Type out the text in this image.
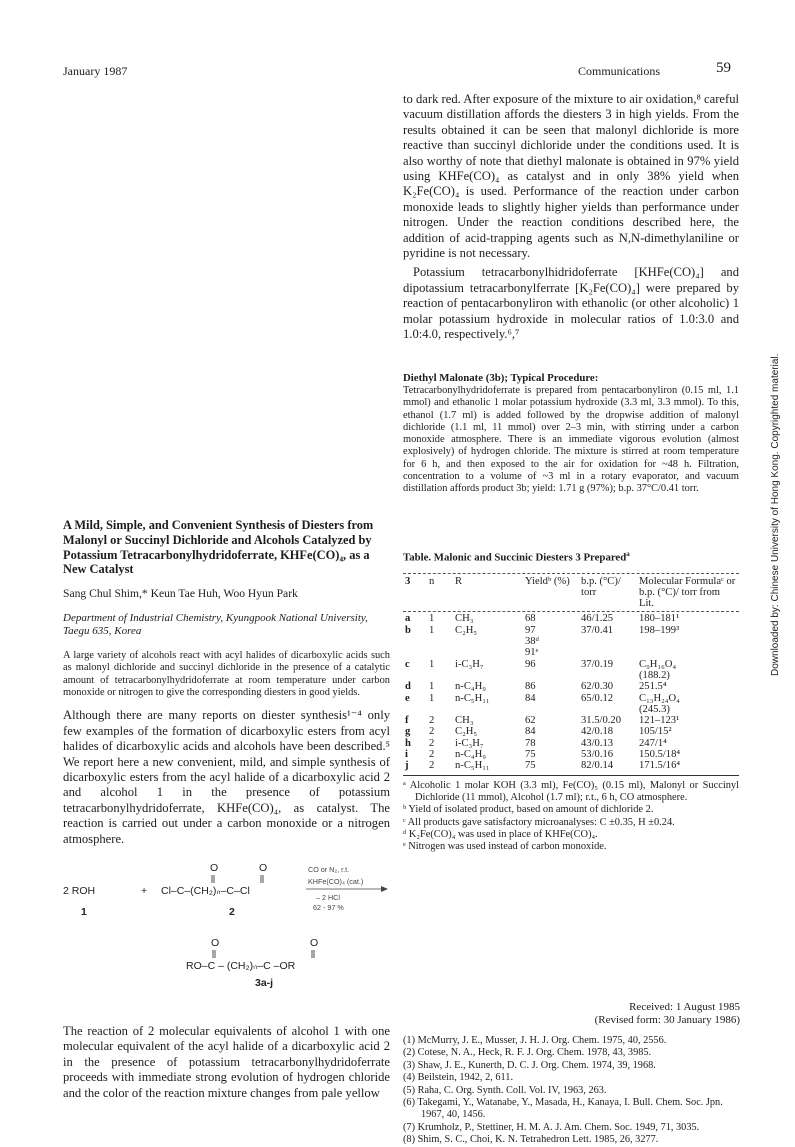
January 1987	Communications	59

to dark red. After exposure of the mixture to air oxidation,⁸ careful vacuum distillation affords the diesters 3 in high yields. From the results obtained it can be seen that malonyl dichloride is more reactive than succinyl dichloride under the conditions used. It is also worthy of note that diethyl malonate is obtained in 97% yield using KHFe(CO)₄ as catalyst and in only 38% yield when K₂Fe(CO)₄ is used. Performance of the reaction under carbon monoxide leads to slightly higher yields than performance under nitrogen. Under the reaction conditions described here, the addition of acid-trapping agents such as N,N-dimethylaniline or pyridine is not necessary.

Potassium tetracarbonylhidridoferrate [KHFe(CO)₄] and dipotassium tetracarbonylferrate [K₂Fe(CO)₄] were prepared by reaction of pentacarbonyliron with ethanolic (or other alcoholic) 1 molar potassium hydroxide in molecular ratios of 1.0:3.0 and 1.0:4.0, respectively.⁶,⁷

Diethyl Malonate (3b); Typical Procedure:
Tetracarbonylhydridoferrate is prepared from pentacarbonyliron (0.15 ml, 1.1 mmol) and ethanolic 1 molar potassium hydroxide (3.3 ml, 3.3 mmol). To this, ethanol (1.7 ml) is added followed by the dropwise addition of malonyl dichloride (1.1 ml, 11 mmol) over 2–3 min, with stirring under a carbon monoxide atmosphere. There is an immediate vigorous evolution (almost explosively) of hydrogen chloride. The mixture is stirred at room temperature for 6 h, and then exposed to the air for oxidation for ~48 h. Filtration, concentration to a volume of ~3 ml in a rotary evaporator, and vacuum distillation affords product 3b; yield: 1.71 g (97%); b.p. 37°C/0.41 torr.
A Mild, Simple, and Convenient Synthesis of Diesters from Malonyl or Succinyl Dichloride and Alcohols Catalyzed by Potassium Tetracarbonylhydridoferrate, KHFe(CO)₄, as a New Catalyst
Sang Chul Shim,* Keun Tae Huh, Woo Hyun Park
Department of Industrial Chemistry, Kyungpook National University, Taegu 635, Korea
A large variety of alcohols react with acyl halides of dicarboxylic acids such as malonyl dichloride and succinyl dichloride in the presence of a catalytic amount of tetracarbonylhydridoferrate at room temperature under carbon monoxide or nitrogen to give the corresponding diesters in good yields.
Although there are many reports on diester synthesis¹⁻⁴ only few examples of the formation of dicarboxylic esters from acyl halides of dicarboxylic acids and alcohols have been described.⁵ We report here a new convenient, mild, and simple synthesis of dicarboxylic esters from the acyl halide of a dicarboxylic acid 2 and alcohol 1 in the presence of potassium tetracarbonylhydridoferrate, KHFe(CO)₄, as catalyst. The reaction is carried out under a carbon monoxide or a nitrogen atmosphere.
O	O
2 ROH	+ Cl–C–(CH₂)ₙ–C–Cl
1	2
CO or N₂, r.t.
KHFe(CO)₄ (cat.)
– 2 HCl
62 - 97 %
O	O
RO–C – (CH₂)ₙ–C –OR
3a-j
The reaction of 2 molecular equivalents of alcohol 1 with one molecular equivalent of the acyl halide of a dicarboxylic acid 2 in the presence of potassium tetracarbonylhydridoferrate proceeds with immediate strong evolution of hydrogen chloride and the color of the reaction mixture changes from pale yellow
Table. Malonic and Succinic Diesters 3 Prepared$^a$
3	n	R	Yieldᵇ (%)	b.p. (°C)/ torr	Molecular Formulaᶜ or b.p. (°C)/ torr from Lit.

a	1	CH₃	68	46/1.25	180–181¹
b	1	C₂H₅	97	37/0.41	198–199³
			38ᵈ		
			91ᵉ		
c	1	i-C₃H₇	96	37/0.19	C₉H₁₆O₄
					(188.2)
d	1	n-C₄H₉	86	62/0.30	251.5⁴
e	1	n-C₅H₁₁	84	65/0.12	C₁₃H₂₄O₄
					(245.3)
f	2	CH₃	62	31.5/0.20	121–123¹
g	2	C₂H₅	84	42/0.18	105/15²
h	2	i-C₃H₇	78	43/0.13	247/1⁴
i	2	n-C₄H₉	75	53/0.16	150.5/18⁴
j	2	n-C₅H₁₁	75	82/0.14	171.5/16⁴
ᵃ Alcoholic 1 molar KOH (3.3 ml), Fe(CO)₅ (0.15 ml), Malonyl or Succinyl Dichloride (11 mmol), Alcohol (1.7 ml); r.t., 6 h, CO atmosphere.
ᵇ Yield of isolated product, based on amount of dichloride 2.
ᶜ All products gave satisfactory microanalyses: C ±0.35, H ±0.24.
ᵈ K₂Fe(CO)₄ was used in place of KHFe(CO)₄.
ᵉ Nitrogen was used instead of carbon monoxide.
Received: 1 August 1985
(Revised form: 30 January 1986)
(1) McMurry, J. E., Musser, J. H. J. Org. Chem. 1975, 40, 2556.
(2) Cotese, N. A., Heck, R. F. J. Org. Chem. 1978, 43, 3985.
(3) Shaw, J. E., Kunerth, D. C. J. Org. Chem. 1974, 39, 1968.
(4) Beilstein, 1942, 2, 611.
(5) Raha, C. Org. Synth. Coll. Vol. IV, 1963, 263.
(6) Takegami, Y., Watanabe, Y., Masada, H., Kanaya, I. Bull. Chem. Soc. Jpn. 1967, 40, 1456.
(7) Krumholz, P., Stettiner, H. M. A. J. Am. Chem. Soc. 1949, 71, 3035.
(8) Shim, S. C., Choi, K. N. Tetrahedron Lett. 1985, 26, 3277.
Downloaded by: Chinese University of Hong Kong. Copyrighted material.
